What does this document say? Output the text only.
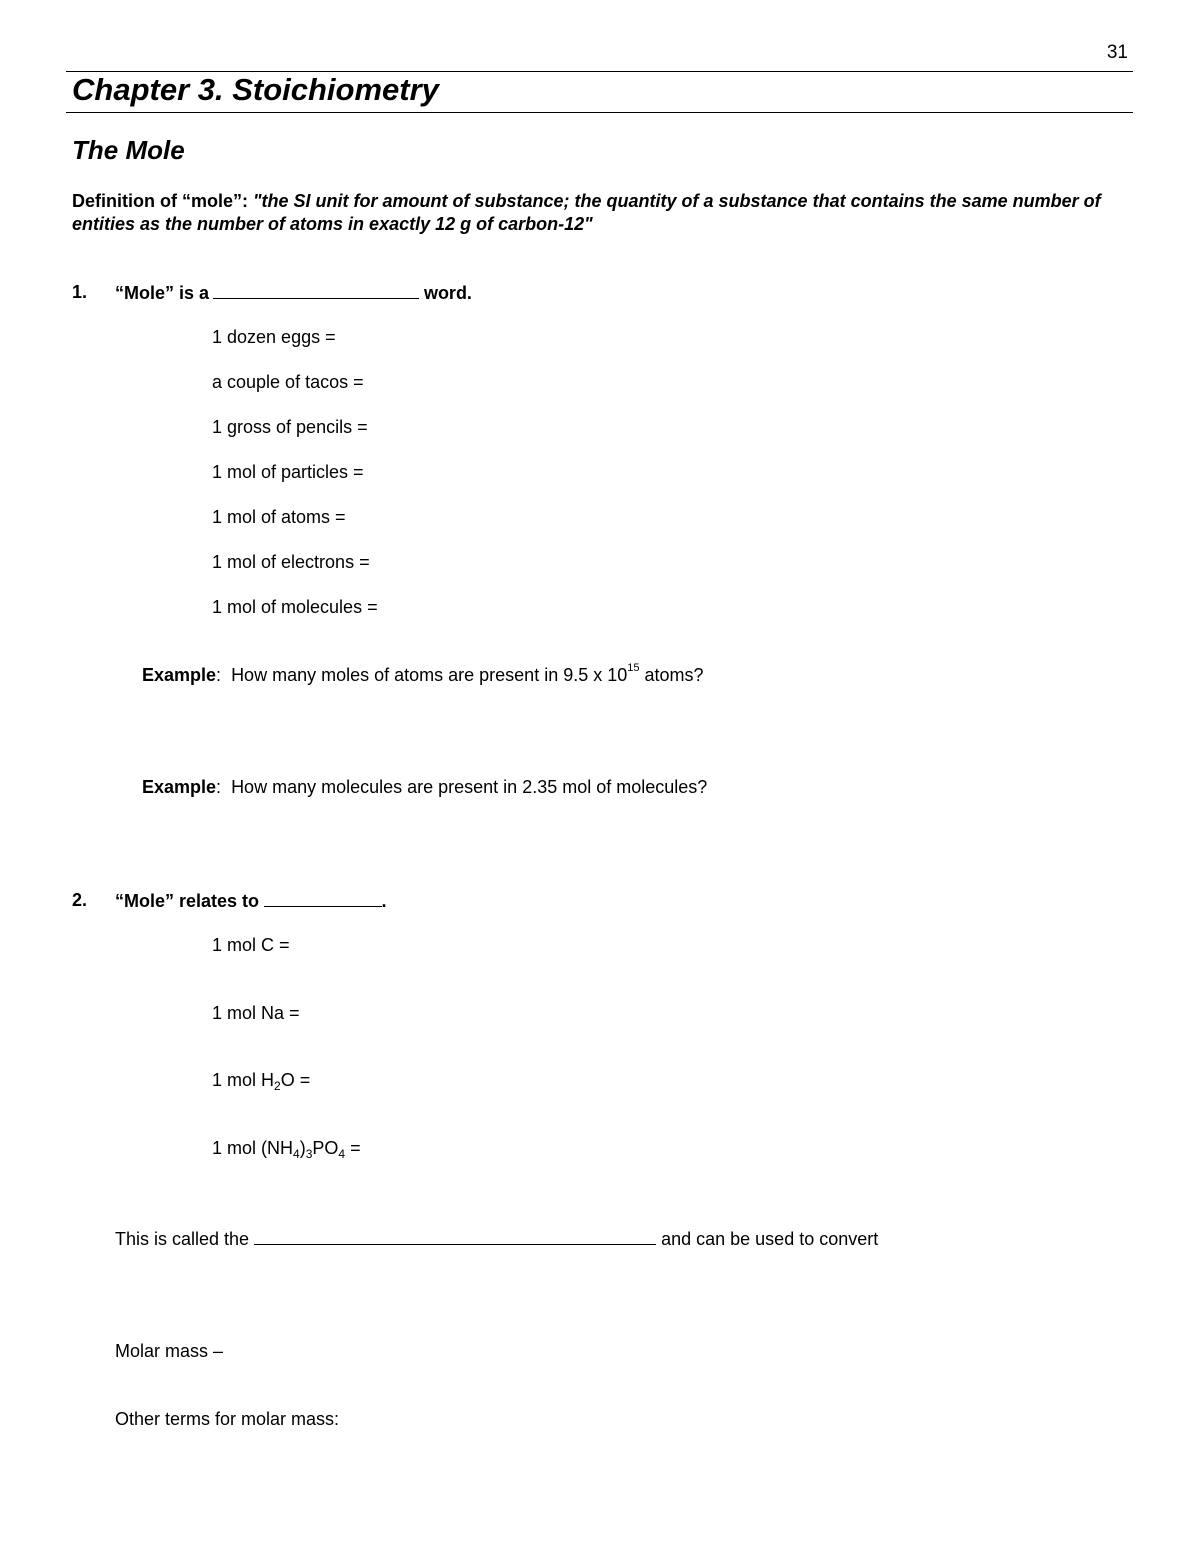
31
Chapter 3. Stoichiometry
The Mole
Definition of “mole”: "the SI unit for amount of substance; the quantity of a substance that contains the same number of entities as the number of atoms in exactly 12 g of carbon-12"
1. “Mole” is a	word.
1 dozen eggs =
a couple of tacos =
1 gross of pencils =
1 mol of particles =
1 mol of atoms =
1 mol of electrons =
1 mol of molecules =
Example:  How many moles of atoms are present in 9.5 x $10^{15}$ atoms?
Example:  How many molecules are present in 2.35 mol of molecules?
2. “Mole” relates to	.
1 mol C =
1 mol Na =
1 mol $H_2O$ =
1 mol $(NH_4)_3PO_4$ =
This is called the	and can be used to convert
Molar mass –
Other terms for molar mass:
